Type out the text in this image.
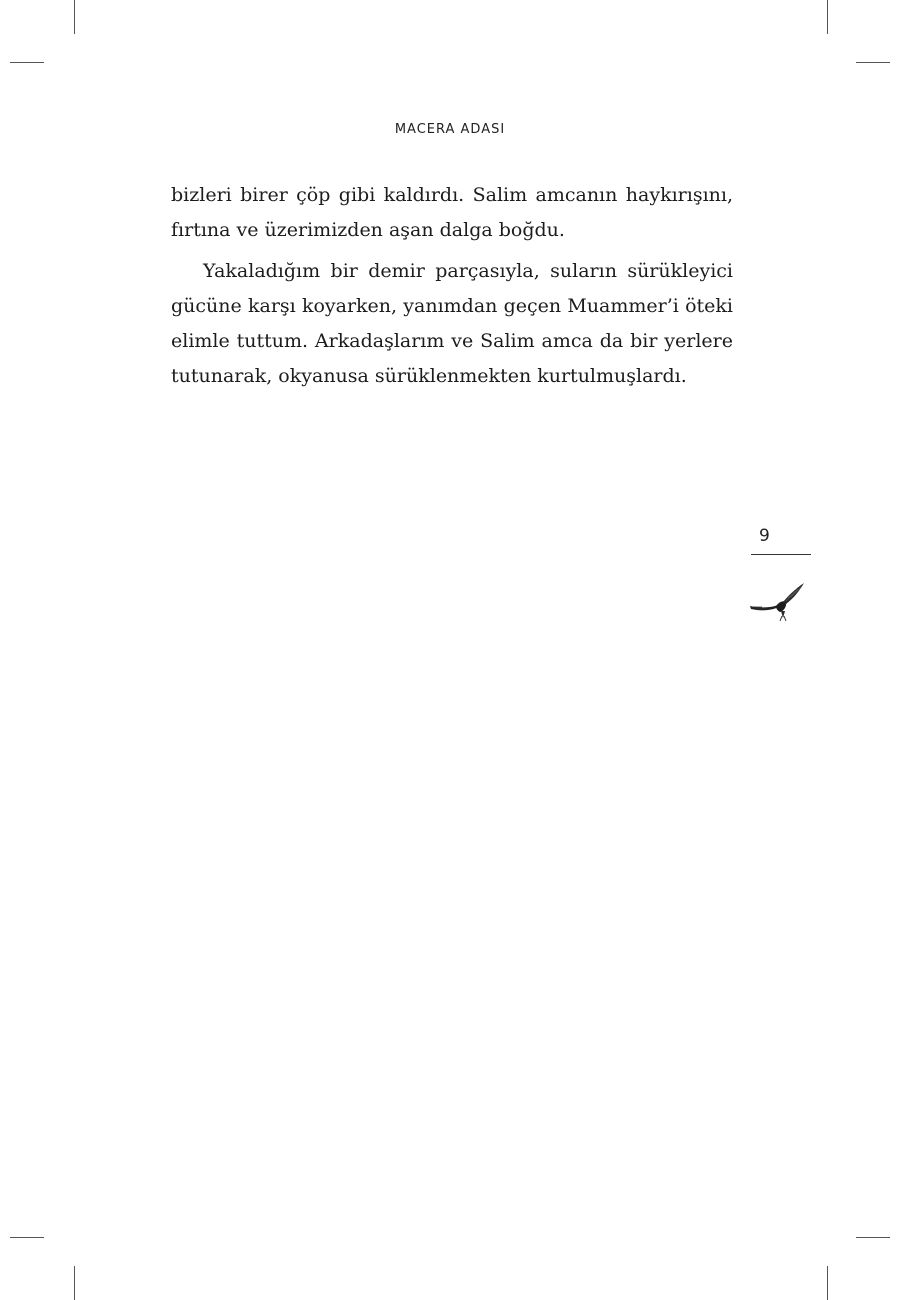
MACERA ADASI

bizleri birer çöp gibi kaldırdı. Salim amcanın haykırışını, fırtına ve üzerimizden aşan dalga boğdu.

Yakaladığım bir demir parçasıyla, suların sürükleyici gücüne karşı koyarken, yanımdan geçen Muammer’i öteki elimle tuttum. Arkadaşlarım ve Salim amca da bir yerlere tutunarak, okyanusa sürüklenmekten kurtulmuşlardı.

9
